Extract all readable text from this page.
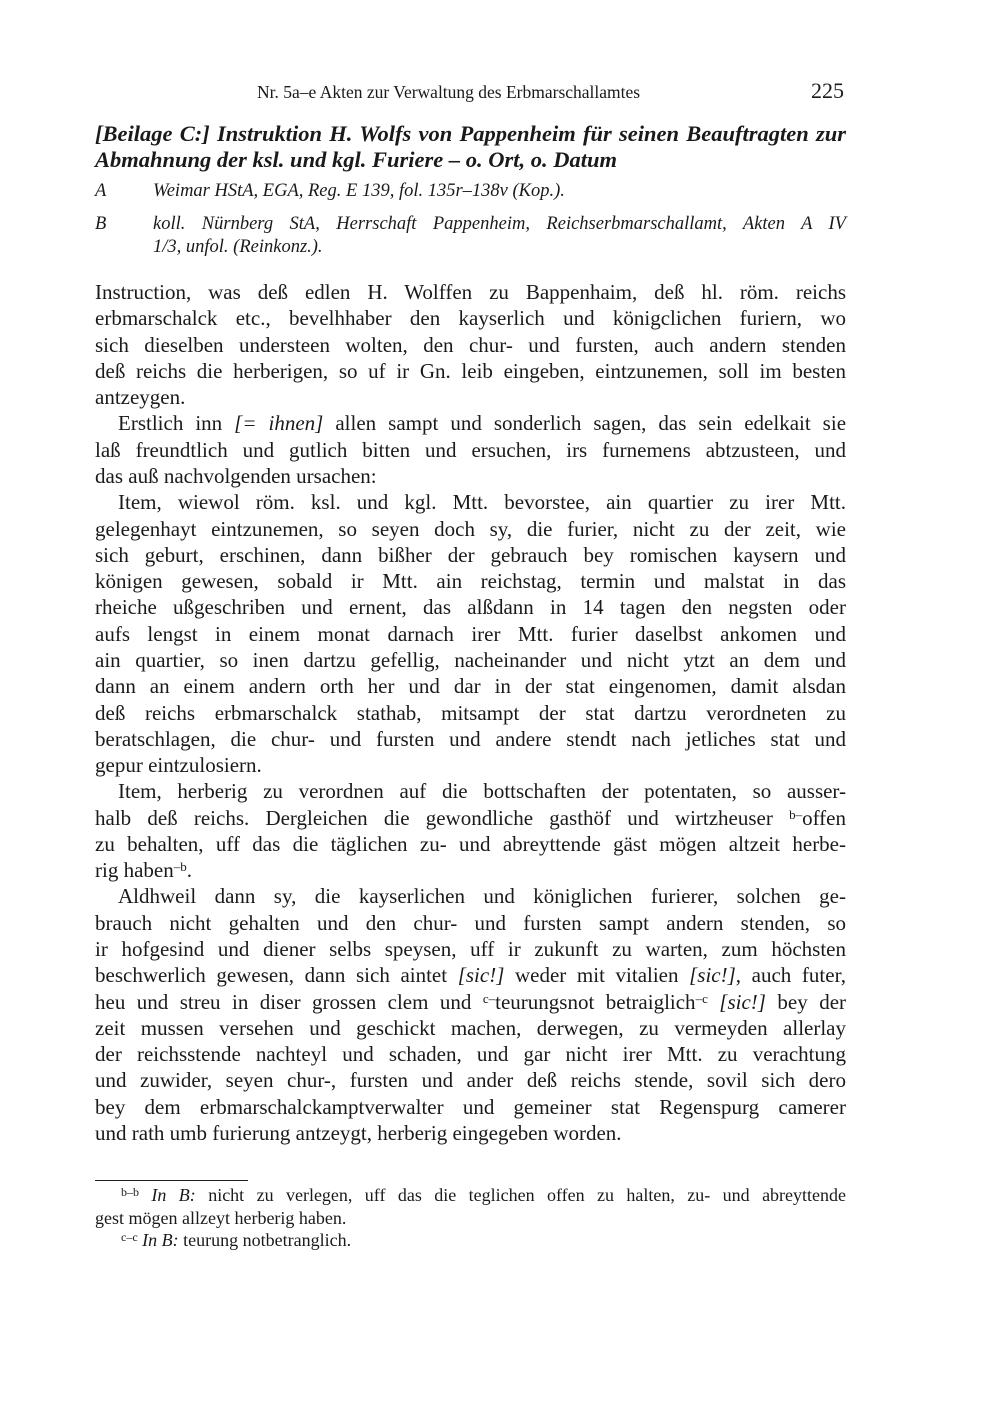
Nr. 5a–e Akten zur Verwaltung des Erbmarschallamtes	225
[Beilage C:] Instruktion H. Wolfs von Pappenheim für seinen Beauftragten zur
Abmahnung der ksl. und kgl. Furiere – o. Ort, o. Datum
A	Weimar HStA, EGA, Reg. E 139, fol. 135r–138v (Kop.).
B	koll. Nürnberg StA, Herrschaft Pappenheim, Reichserbmarschallamt, Akten A IV
1/3, unfol. (Reinkonz.).
Instruction, was deß edlen H. Wolffen zu Bappenhaim, deß hl. röm. reichs
erbmarschalck etc., bevelhhaber den kayserlich und königclichen furiern, wo
sich dieselben understeen wolten, den chur- und fursten, auch andern stenden
deß reichs die herberigen, so uf ir Gn. leib eingeben, eintzunemen, soll im besten
antzeygen.
Erstlich inn [= ihnen] allen sampt und sonderlich sagen, das sein edelkait sie
laß freundtlich und gutlich bitten und ersuchen, irs furnemens abtzusteen, und
das auß nachvolgenden ursachen:
Item, wiewol röm. ksl. und kgl. Mtt. bevorstee, ain quartier zu irer Mtt.
gelegenhayt eintzunemen, so seyen doch sy, die furier, nicht zu der zeit, wie
sich geburt, erschinen, dann bißher der gebrauch bey romischen kaysern und
königen gewesen, sobald ir Mtt. ain reichstag, termin und malstat in das
rheiche ußgeschriben und ernent, das alßdann in 14 tagen den negsten oder
aufs lengst in einem monat darnach irer Mtt. furier daselbst ankomen und
ain quartier, so inen dartzu gefellig, nacheinander und nicht ytzt an dem und
dann an einem andern orth her und dar in der stat eingenomen, damit alsdan
deß reichs erbmarschalck stathab, mitsampt der stat dartzu verordneten zu
beratschlagen, die chur- und fursten und andere stendt nach jetliches stat und
gepur eintzulosiern.
Item, herberig zu verordnen auf die bottschaften der potentaten, so ausser-
halb deß reichs. Dergleichen die gewondliche gasthöf und wirtzheuser $^{b-}$offen
zu behalten, uff das die täglichen zu- und abreyttende gäst mögen altzeit herbe-
rig haben$^{-b}$.
Aldhweil dann sy, die kayserlichen und königlichen furierer, solchen ge-
brauch nicht gehalten und den chur- und fursten sampt andern stenden, so
ir hofgesind und diener selbs speysen, uff ir zukunft zu warten, zum höchsten
beschwerlich gewesen, dann sich aintet [sic!] weder mit vitalien [sic!], auch futer,
heu und streu in diser grossen clem und $^{c-}$teurungsnot betraiglich$^{-c}$ [sic!] bey der
zeit mussen versehen und geschickt machen, derwegen, zu vermeyden allerlay
der reichsstende nachteyl und schaden, und gar nicht irer Mtt. zu verachtung
und zuwider, seyen chur-, fursten und ander deß reichs stende, sovil sich dero
bey dem erbmarschalckamptverwalter und gemeiner stat Regenspurg camerer
und rath umb furierung antzeygt, herberig eingegeben worden.
$^{b-b}$ In B: nicht zu verlegen, uff das die teglichen offen zu halten, zu- und abreyttende
gest mögen allzeyt herberig haben.
$^{c-c}$ In B: teurung notbetranglich.
